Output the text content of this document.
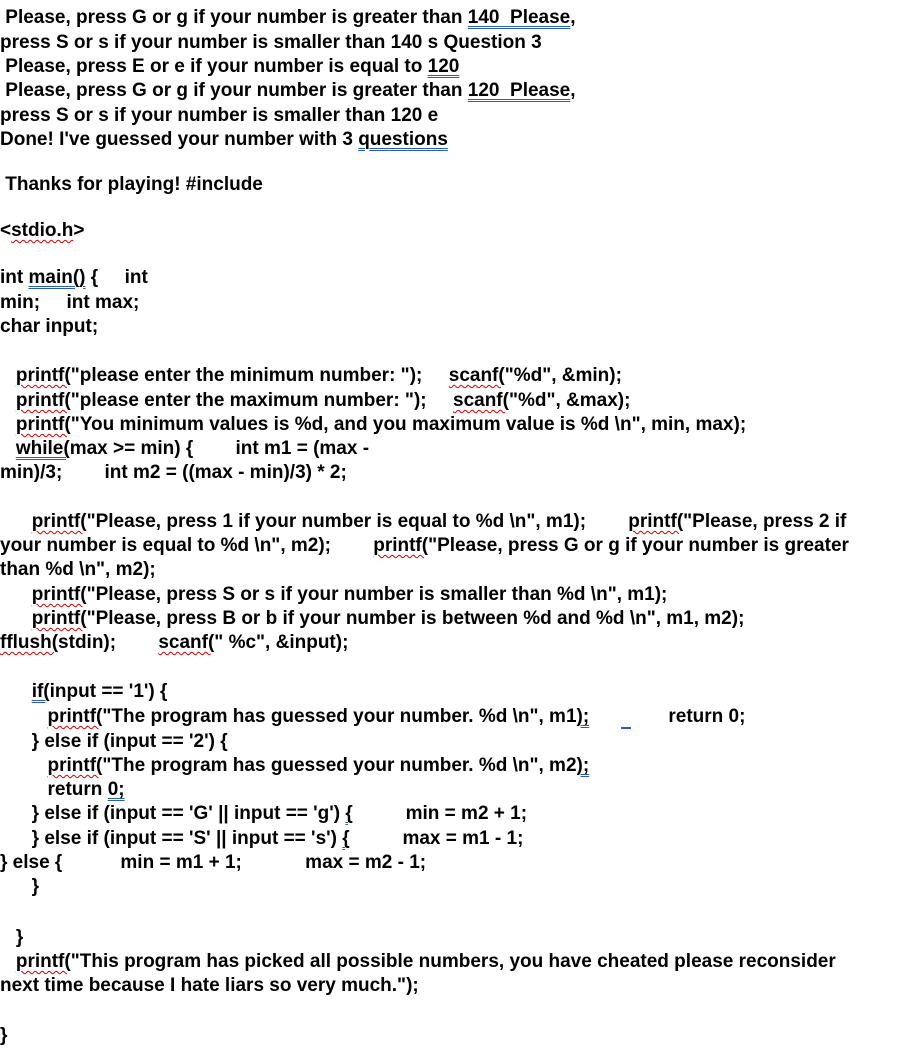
Please, press G or g if your number is greater than 140  Please,
press S or s if your number is smaller than 140 s Question 3
Please, press E or e if your number is equal to 120
Please, press G or g if your number is greater than 120  Please,
press S or s if your number is smaller than 120 e
Done! I've guessed your number with 3 questions
Thanks for playing! #include
<stdio.h>
int main() {     int
min;     int max;
char input;
printf("please enter the minimum number: ");     scanf("%d", &min);
printf("please enter the maximum number: ");     scanf("%d", &max);
printf("You minimum values is %d, and you maximum value is %d \n", min, max);
while(max >= min) {        int m1 = (max -
min)/3;        int m2 = ((max - min)/3) * 2;
printf("Please, press 1 if your number is equal to %d \n", m1);        printf("Please, press 2 if
your number is equal to %d \n", m2);        printf("Please, press G or g if your number is greater
than %d \n", m2);
printf("Please, press S or s if your number is smaller than %d \n", m1);
printf("Please, press B or b if your number is between %d and %d \n", m1, m2);
fflush(stdin);        scanf(" %c", &input);
if(input == '1') {
printf("The program has guessed your number. %d \n", m1);               return 0;
} else if (input == '2') {
printf("The program has guessed your number. %d \n", m2);
return 0;
} else if (input == 'G' || input == 'g') {          min = m2 + 1;
} else if (input == 'S' || input == 's') {          max = m1 - 1;
} else {           min = m1 + 1;            max = m2 - 1;
}
}
printf("This program has picked all possible numbers, you have cheated please reconsider
next time because I hate liars so very much.");
}
